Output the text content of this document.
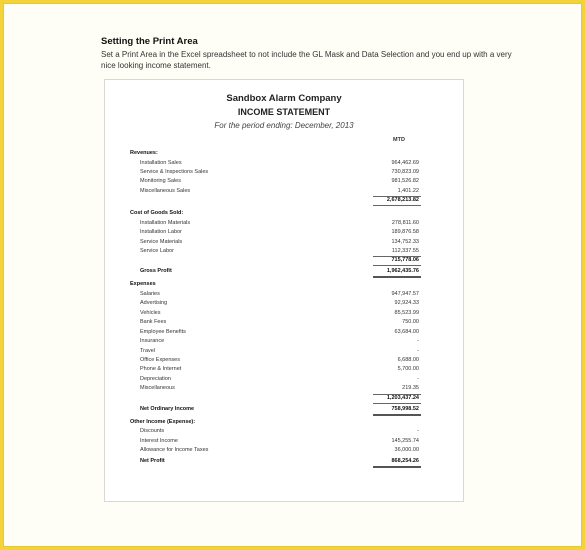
Setting the Print Area
Set a Print Area in the Excel spreadsheet to not include the GL Mask and Data Selection and you end up with a very nice looking income statement.
Sandbox Alarm Company
INCOME STATEMENT
For the period ending: December, 2013
MTD
Revenues:
Installation Sales	964,462.69
Service & Inspections Sales	730,823.09
Monitoring Sales	981,526.82
Miscellaneous Sales	1,401.22
2,678,213.82
Cost of Goods Sold:
Installation Materials	278,811.60
Installation Labor	189,876.58
Service Materials	134,752.33
Service Labor	112,337.55
715,778.06
Gross Profit	1,962,435.76
Expenses
Salaries	947,947.57
Advertising	92,924.33
Vehicles	85,523.99
Bank Fees	750.00
Employee Benefits	63,684.00
Insurance	-
Travel	-
Office Expenses	6,688.00
Phone & Internet	5,700.00
Depreciation	-
Miscellaneous	219.35
1,203,437.24
Net Ordinary Income	758,998.52
Other Income (Expense):
Discounts	-
Interest Income	145,255.74
Allowance for Income Taxes	36,000.00
Net Profit	868,254.26
